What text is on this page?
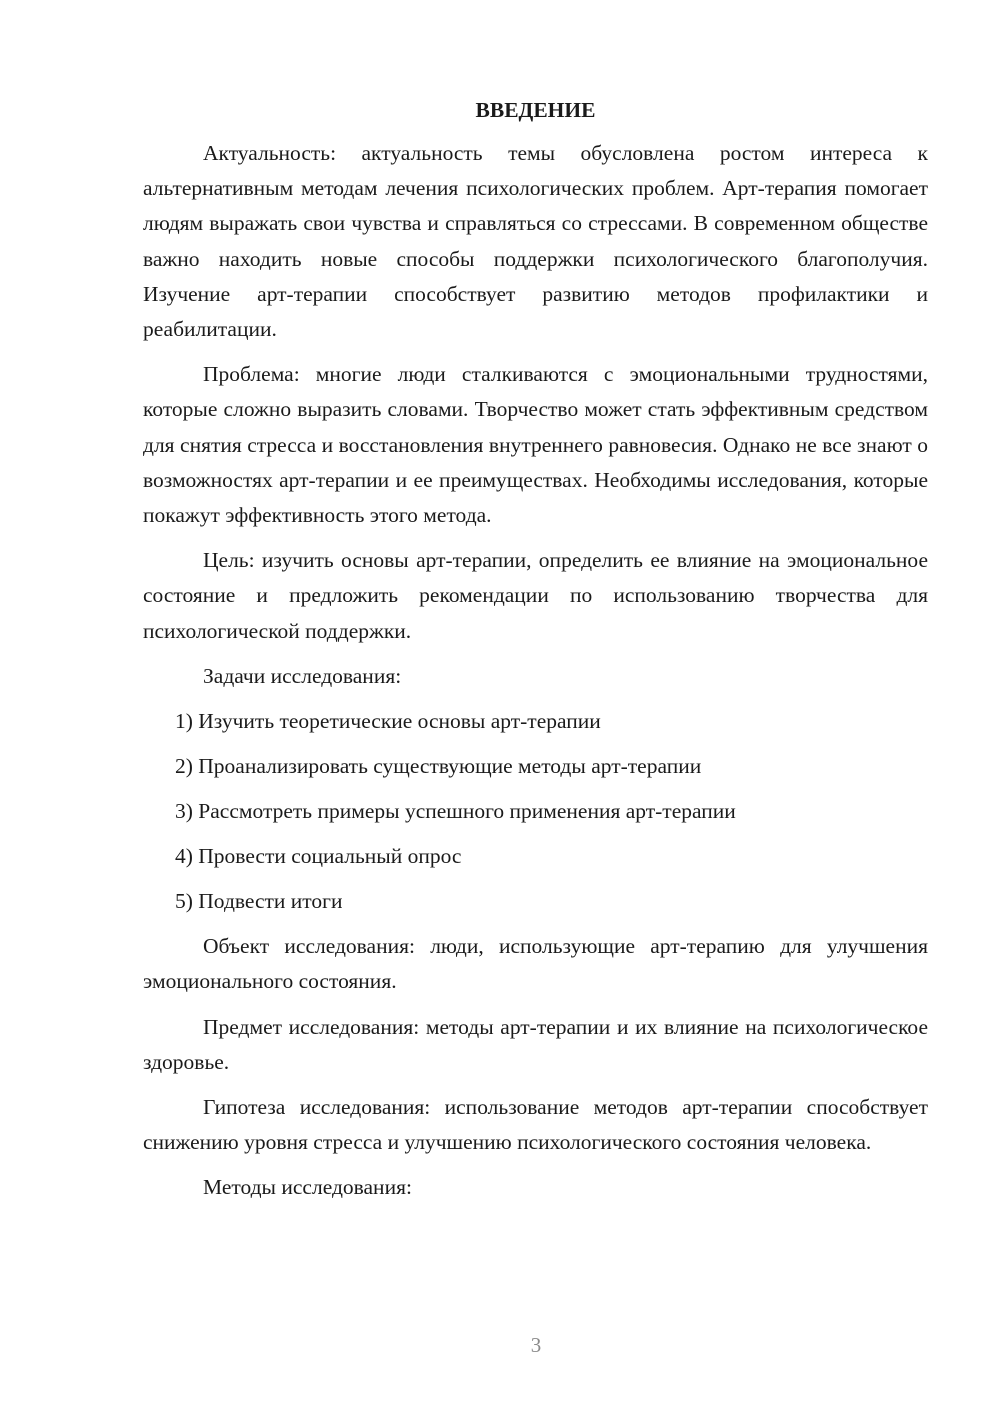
ВВЕДЕНИЕ

Актуальность: актуальность темы обусловлена ростом интереса к альтернативным методам лечения психологических проблем. Арт-терапия помогает людям выражать свои чувства и справляться со стрессами. В современном обществе важно находить новые способы поддержки психологического благополучия. Изучение арт-терапии способствует развитию методов профилактики и реабилитации.

Проблема: многие люди сталкиваются с эмоциональными трудностями, которые сложно выразить словами. Творчество может стать эффективным средством для снятия стресса и восстановления внутреннего равновесия. Однако не все знают о возможностях арт-терапии и ее преимуществах. Необходимы исследования, которые покажут эффективность этого метода.

Цель: изучить основы арт-терапии, определить ее влияние на эмоциональное состояние и предложить рекомендации по использованию творчества для психологической поддержки.

Задачи исследования:

1) Изучить теоретические основы арт-терапии
2) Проанализировать существующие методы арт-терапии
3) Рассмотреть примеры успешного применения арт-терапии
4) Провести социальный опрос
5) Подвести итоги

Объект исследования: люди, использующие арт-терапию для улучшения эмоционального состояния.

Предмет исследования: методы арт-терапии и их влияние на психологическое здоровье.

Гипотеза исследования: использование методов арт-терапии способствует снижению уровня стресса и улучшению психологического состояния человека.

Методы исследования:

3
